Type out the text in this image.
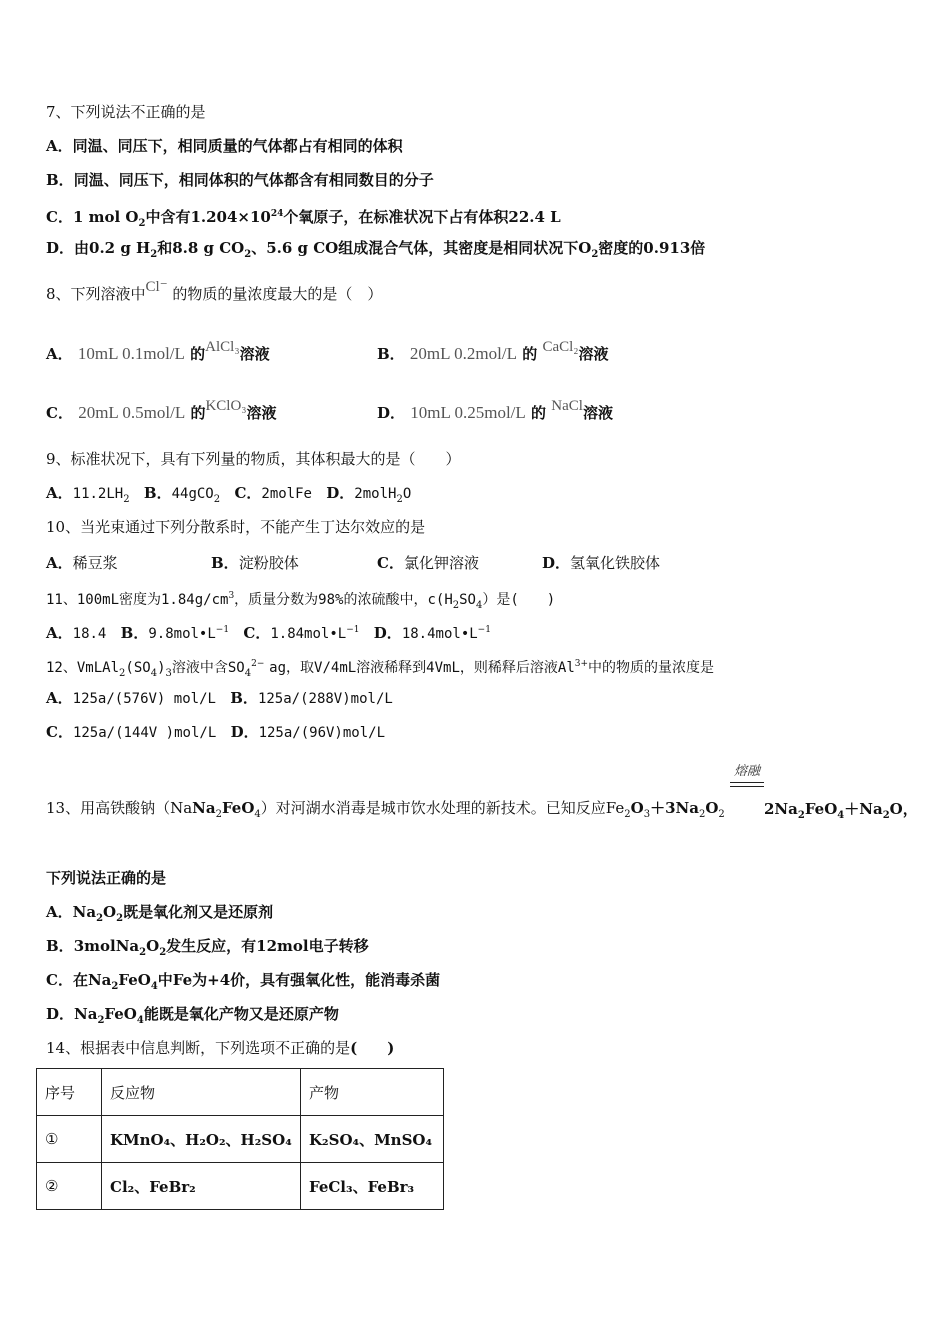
7、下列说法不正确的是
A．同温、同压下，相同质量的气体都占有相同的体积
B．同温、同压下，相同体积的气体都含有相同数目的分子
C．1 mol $O_2$中含有$1.204\times 10^{24}$个氧原子，在标准状况下占有体积22.4 L
D．由0.2 g $H_2$和8.8 g $CO_2$、5.6 g CO组成混合气体，其密度是相同状况下$O_2$密度的0.913倍
8、下列溶液中Cl⁻ 的物质的量浓度最大的是（　）
A． 10mL 0.1mol/L 的AlCl₃溶液	B． 20mL 0.2mol/L 的 CaCl₂溶液
C． 20mL 0.5mol/L 的KClO₃溶液	D． 10mL 0.25mol/L 的 NaCl溶液
9、标准状况下，具有下列量的物质，其体积最大的是（　　）
A．$11.2LH_2$ B．44gCO$_2$ C．2molFe D．2molH$_2$O
10、当光束通过下列分散系时，不能产生丁达尔效应的是
A．稀豆浆	B．淀粉胶体	C．氯化钾溶液	D．氢氧化铁胶体
11、100mL密度为$1.84g/cm^3$，质量分数为98%的浓硫酸中，$c(H_2SO_4)$是(　　)
A．18.4 B．$9.8mol•L^{-1}$ C．$1.84mol•L^{-1}$ D．$18.4mol•L^{-1}$
12、$VmLAl_2(SO_4)_3$溶液中含$SO_4^{2-}$ ag，取V/4mL溶液稀释到4VmL，则稀释后溶液$Al^{3+}$中的物质的量浓度是
A．125a/(576V) mol/L B．125a/(288V)mol/L
C．125a/(144V )mol/L D．125a/(96V)mol/L
13、用高铁酸钠（NaNa$_2$FeO$_4$）对河湖水消毒是城市饮水处理的新技术。已知反应$Fe_2O_3+3Na_2O_2$
熔融
$2Na_2FeO_4+Na_2O$，
下列说法正确的是
A．$Na_2O_2$既是氧化剂又是还原剂
B．$3molNa_2O_2$发生反应，有12mol电子转移
C．在$Na_2FeO_4$中Fe为+4价，具有强氧化性，能消毒杀菌
D．$Na_2FeO_4$能既是氧化产物又是还原产物
14、根据表中信息判断，下列选项不正确的是(　　)
序号	反应物	产物
①	KMnO₄、H₂O₂、H₂SO₄	K₂SO₄、MnSO₄
②	Cl₂、FeBr₂	FeCl₃、FeBr₃
